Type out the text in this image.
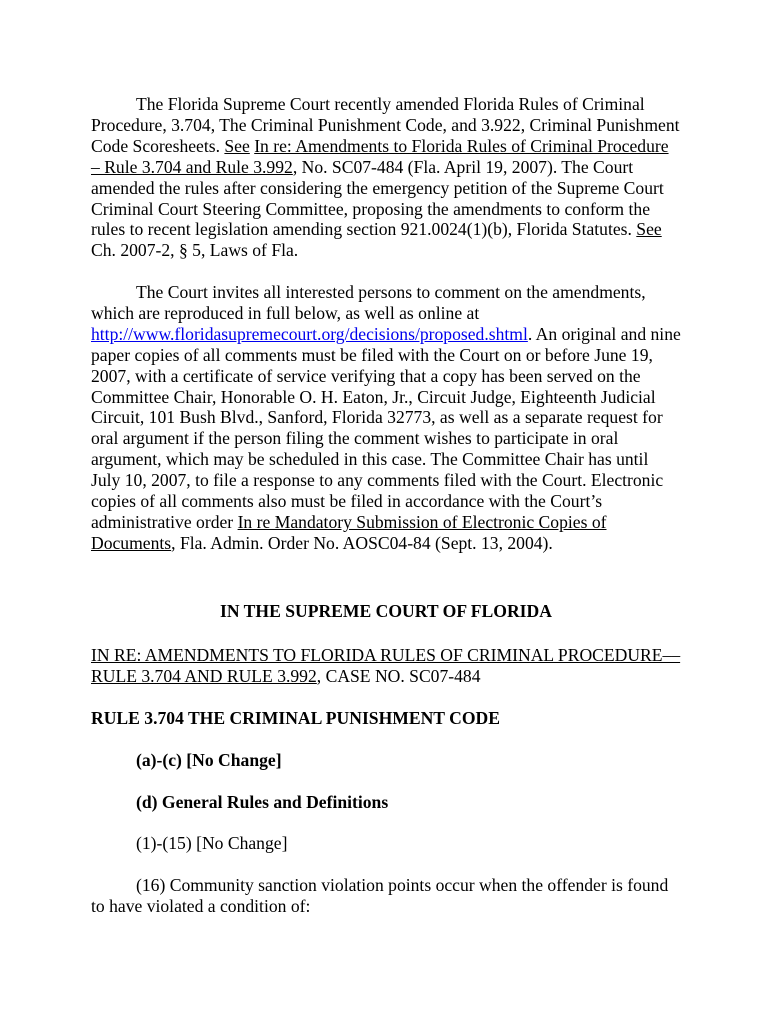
The Florida Supreme Court recently amended Florida Rules of Criminal Procedure, 3.704, The Criminal Punishment Code, and 3.922, Criminal Punishment Code Scoresheets. See In re: Amendments to Florida Rules of Criminal Procedure – Rule 3.704 and Rule 3.992, No. SC07-484 (Fla. April 19, 2007). The Court amended the rules after considering the emergency petition of the Supreme Court Criminal Court Steering Committee, proposing the amendments to conform the rules to recent legislation amending section 921.0024(1)(b), Florida Statutes. See Ch. 2007-2, § 5, Laws of Fla.

The Court invites all interested persons to comment on the amendments, which are reproduced in full below, as well as online at http://www.floridasupremecourt.org/decisions/proposed.shtml. An original and nine paper copies of all comments must be filed with the Court on or before June 19, 2007, with a certificate of service verifying that a copy has been served on the Committee Chair, Honorable O. H. Eaton, Jr., Circuit Judge, Eighteenth Judicial Circuit, 101 Bush Blvd., Sanford, Florida 32773, as well as a separate request for oral argument if the person filing the comment wishes to participate in oral argument, which may be scheduled in this case. The Committee Chair has until July 10, 2007, to file a response to any comments filed with the Court. Electronic copies of all comments also must be filed in accordance with the Court’s administrative order In re Mandatory Submission of Electronic Copies of Documents, Fla. Admin. Order No. AOSC04-84 (Sept. 13, 2004).

IN THE SUPREME COURT OF FLORIDA

IN RE: AMENDMENTS TO FLORIDA RULES OF CRIMINAL PROCEDURE––RULE 3.704 AND RULE 3.992, CASE NO. SC07-484

RULE 3.704 THE CRIMINAL PUNISHMENT CODE

(a)-(c) [No Change]

(d) General Rules and Definitions

(1)-(15) [No Change]

(16) Community sanction violation points occur when the offender is found to have violated a condition of:
